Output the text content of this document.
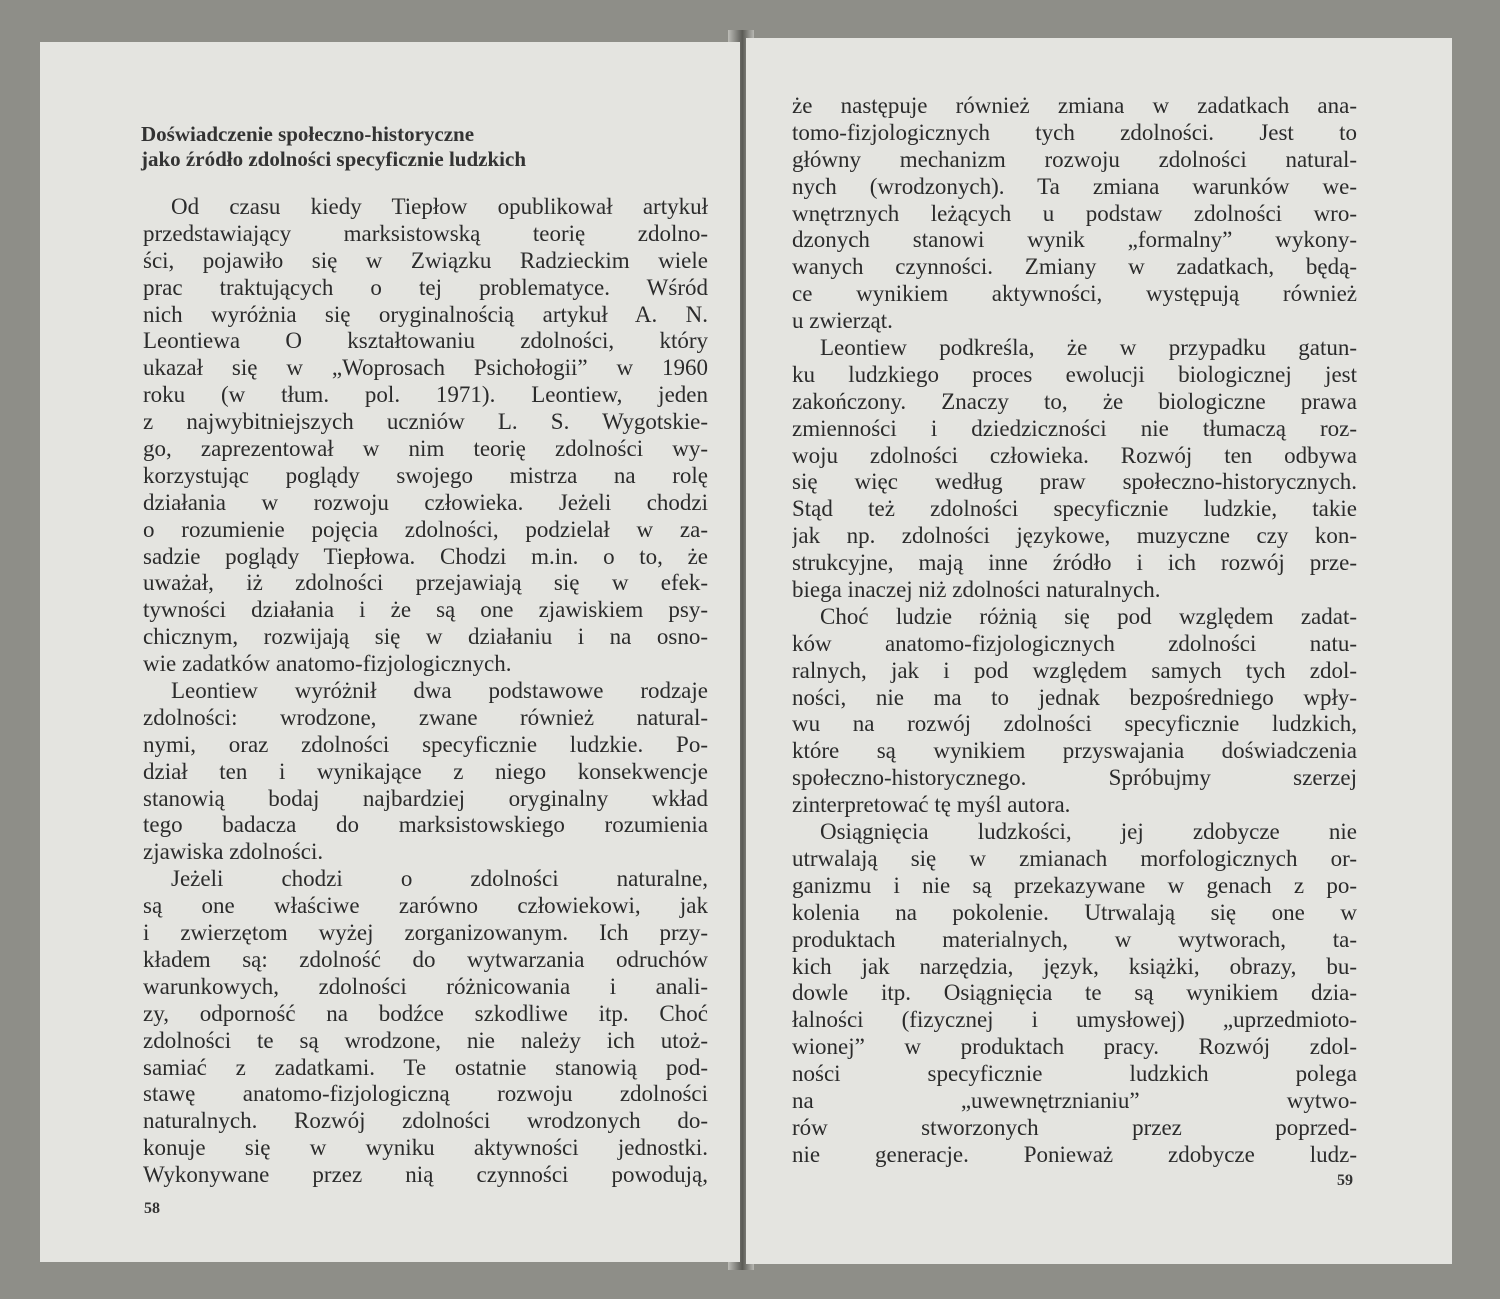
Doświadczenie społeczno-historyczne
jako źródło zdolności specyficznie ludzkich
Od czasu kiedy Tiepłow opublikował artykuł
przedstawiający marksistowską teorię zdolno-
ści, pojawiło się w Związku Radzieckim wiele
prac traktujących o tej problematyce. Wśród
nich wyróżnia się oryginalnością artykuł A. N.
Leontiewa O kształtowaniu zdolności, który
ukazał się w „Woprosach Psichołogii” w 1960
roku (w tłum. pol. 1971). Leontiew, jeden
z najwybitniejszych uczniów L. S. Wygotskie-
go, zaprezentował w nim teorię zdolności wy-
korzystując poglądy swojego mistrza na rolę
działania w rozwoju człowieka. Jeżeli chodzi
o rozumienie pojęcia zdolności, podzielał w za-
sadzie poglądy Tiepłowa. Chodzi m.in. o to, że
uważał, iż zdolności przejawiają się w efek-
tywności działania i że są one zjawiskiem psy-
chicznym, rozwijają się w działaniu i na osno-
wie zadatków anatomo-fizjologicznych.
Leontiew wyróżnił dwa podstawowe rodzaje
zdolności: wrodzone, zwane również natural-
nymi, oraz zdolności specyficznie ludzkie. Po-
dział ten i wynikające z niego konsekwencje
stanowią bodaj najbardziej oryginalny wkład
tego badacza do marksistowskiego rozumienia
zjawiska zdolności.
Jeżeli chodzi o zdolności naturalne,
są one właściwe zarówno człowiekowi, jak
i zwierzętom wyżej zorganizowanym. Ich przy-
kładem są: zdolność do wytwarzania odruchów
warunkowych, zdolności różnicowania i anali-
zy, odporność na bodźce szkodliwe itp. Choć
zdolności te są wrodzone, nie należy ich utoż-
samiać z zadatkami. Te ostatnie stanowią pod-
stawę anatomo-fizjologiczną rozwoju zdolności
naturalnych. Rozwój zdolności wrodzonych do-
konuje się w wyniku aktywności jednostki.
Wykonywane przez nią czynności powodują,
58
że następuje również zmiana w zadatkach ana-
tomo-fizjologicznych tych zdolności. Jest to
główny mechanizm rozwoju zdolności natural-
nych (wrodzonych). Ta zmiana warunków we-
wnętrznych leżących u podstaw zdolności wro-
dzonych stanowi wynik „formalny” wykony-
wanych czynności. Zmiany w zadatkach, będą-
ce wynikiem aktywności, występują również
u zwierząt.
Leontiew podkreśla, że w przypadku gatun-
ku ludzkiego proces ewolucji biologicznej jest
zakończony. Znaczy to, że biologiczne prawa
zmienności i dziedziczności nie tłumaczą roz-
woju zdolności człowieka. Rozwój ten odbywa
się więc według praw społeczno-historycznych.
Stąd też zdolności specyficznie ludzkie, takie
jak np. zdolności językowe, muzyczne czy kon-
strukcyjne, mają inne źródło i ich rozwój prze-
biega inaczej niż zdolności naturalnych.
Choć ludzie różnią się pod względem zadat-
ków anatomo-fizjologicznych zdolności natu-
ralnych, jak i pod względem samych tych zdol-
ności, nie ma to jednak bezpośredniego wpły-
wu na rozwój zdolności specyficznie ludzkich,
które są wynikiem przyswajania doświadczenia
społeczno-historycznego. Spróbujmy szerzej
zinterpretować tę myśl autora.
Osiągnięcia ludzkości, jej zdobycze nie
utrwalają się w zmianach morfologicznych or-
ganizmu i nie są przekazywane w genach z po-
kolenia na pokolenie. Utrwalają się one w
produktach materialnych, w wytworach, ta-
kich jak narzędzia, język, książki, obrazy, bu-
dowle itp. Osiągnięcia te są wynikiem dzia-
łalności (fizycznej i umysłowej) „uprzedmioto-
wionej” w produktach pracy. Rozwój zdol-
ności specyficznie ludzkich polega
na „uwewnętrznianiu” wytwo-
rów stworzonych przez poprzed-
nie generacje. Ponieważ zdobycze ludz-
59
